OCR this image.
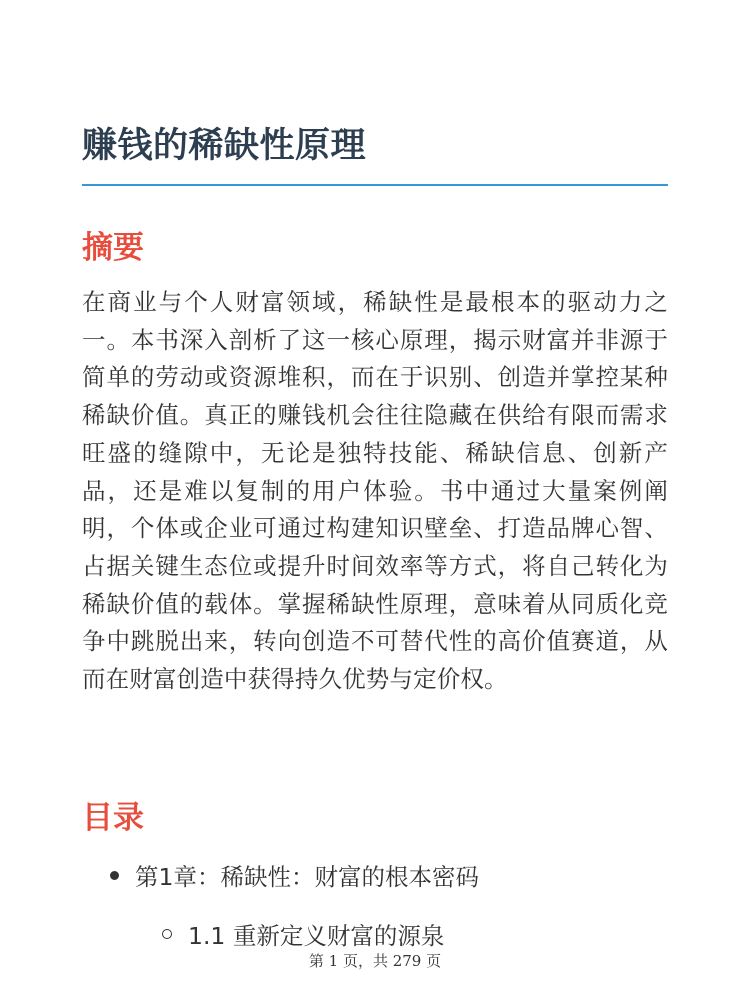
赚钱的稀缺性原理
摘要

在商业与个人财富领域，稀缺性是最根本的驱动力之一。本书深入剖析了这一核心原理，揭示财富并非源于简单的劳动或资源堆积，而在于识别、创造并掌控某种稀缺价值。真正的赚钱机会往往隐藏在供给有限而需求旺盛的缝隙中，无论是独特技能、稀缺信息、创新产品，还是难以复制的用户体验。书中通过大量案例阐明，个体或企业可通过构建知识壁垒、打造品牌心智、占据关键生态位或提升时间效率等方式，将自己转化为稀缺价值的载体。掌握稀缺性原理，意味着从同质化竞争中跳脱出来，转向创造不可替代性的高价值赛道，从而在财富创造中获得持久优势与定价权。

目录
第1章：稀缺性：财富的根本密码
1.1 重新定义财富的源泉
第 1 页，共 279 页
